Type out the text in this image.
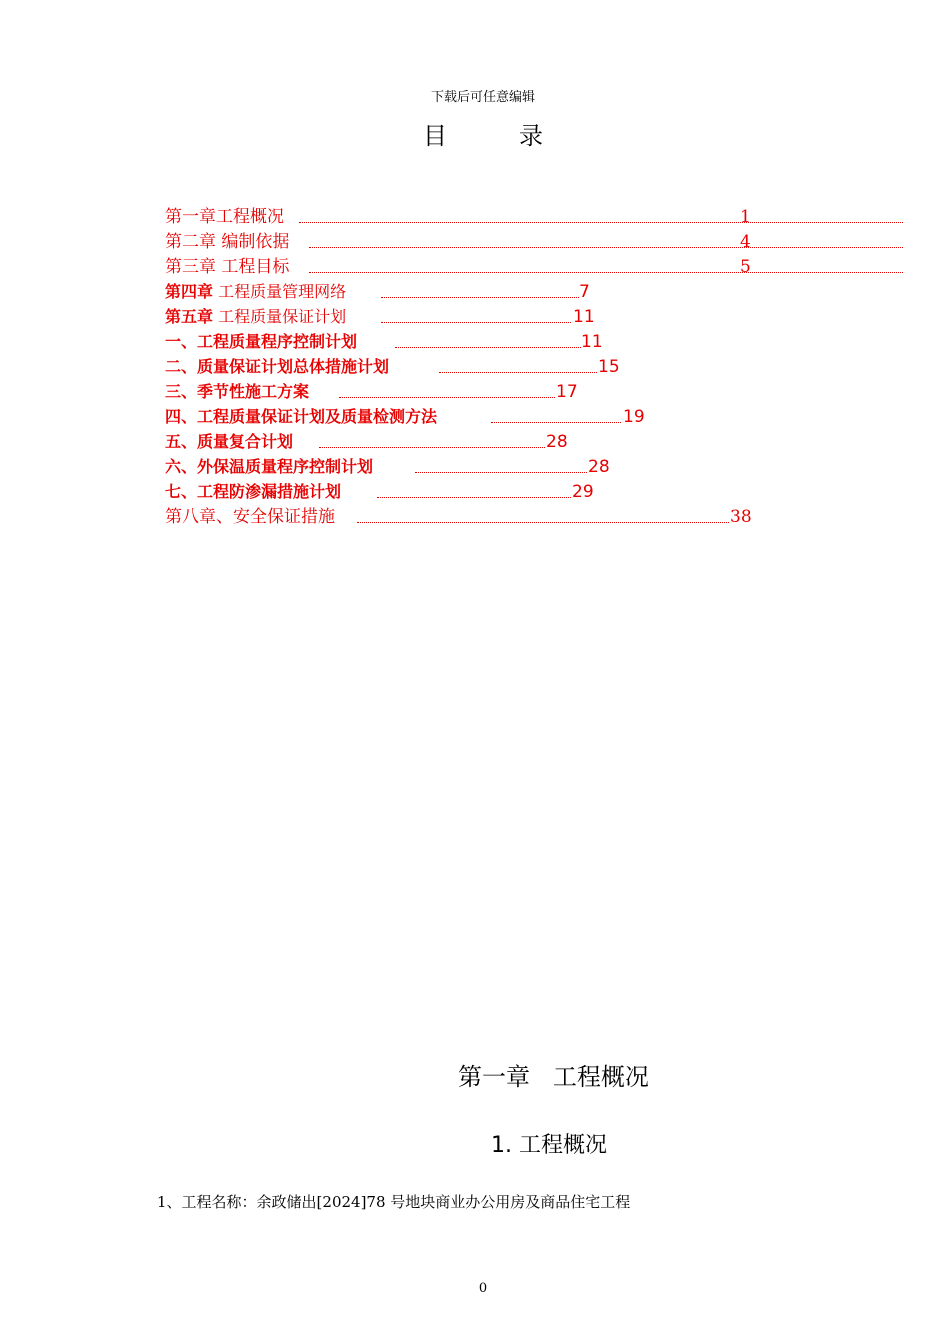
下载后可任意编辑
目	录
第一章工程概况	1
第二章 编制依据	4
第三章 工程目标	5
第四章 工程质量管理网络	7
第五章 工程质量保证计划	11
一、工程质量程序控制计划	11
二、质量保证计划总体措施计划	15
三、季节性施工方案	17
四、工程质量保证计划及质量检测方法	19
五、质量复合计划	28
六、外保温质量程序控制计划	28
七、工程防渗漏措施计划	29
第八章、安全保证措施	38
第一章   工程概况
1. 工程概况
1、工程名称：余政储出[2024]78 号地块商业办公用房及商品住宅工程
0
